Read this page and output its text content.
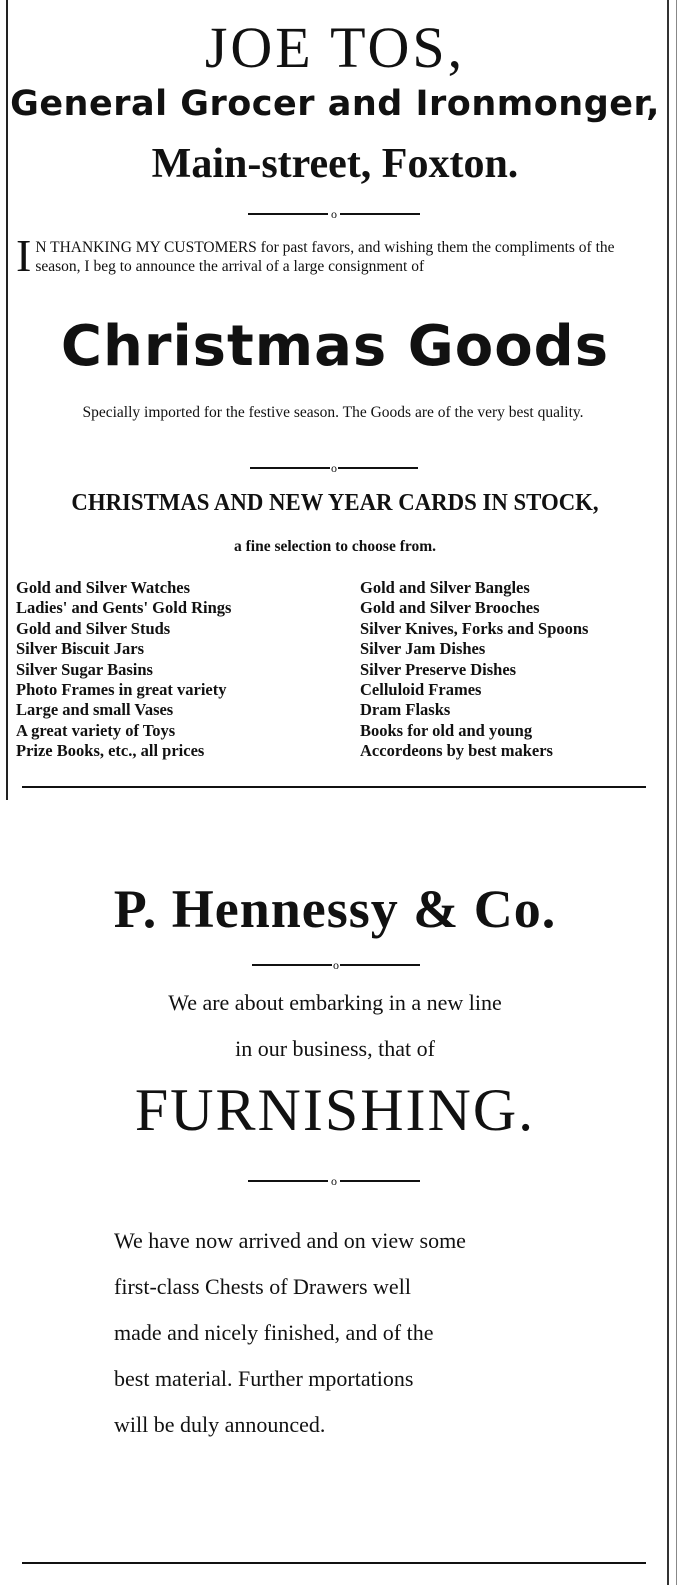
JOE TOS,
General Grocer and Ironmonger,
Main-street, Foxton.
o
I N THANKING MY CUSTOMERS for past favors, and wishing them the compliments of the season, I beg to announce the arrival of a large consignment of
Christmas Goods
Specially imported for the festive season. The Goods are of the very best quality.
o
CHRISTMAS AND NEW YEAR CARDS IN STOCK,
a fine selection to choose from.
Gold and Silver Watches
Ladies' and Gents' Gold Rings
Gold and Silver Studs
Silver Biscuit Jars
Silver Sugar Basins
Photo Frames in great variety
Large and small Vases
A great variety of Toys
Prize Books, etc., all prices
Gold and Silver Bangles
Gold and Silver Brooches
Silver Knives, Forks and Spoons
Silver Jam Dishes
Silver Preserve Dishes
Celluloid Frames
Dram Flasks
Books for old and young
Accordeons by best makers
P. Hennessy & Co.
o
We are about embarking in a new line
in our business, that of
FURNISHING.
o
We have now arrived and on view some
first-class Chests of Drawers well
made and nicely finished, and of the
best material. Further mportations
will be duly announced.
